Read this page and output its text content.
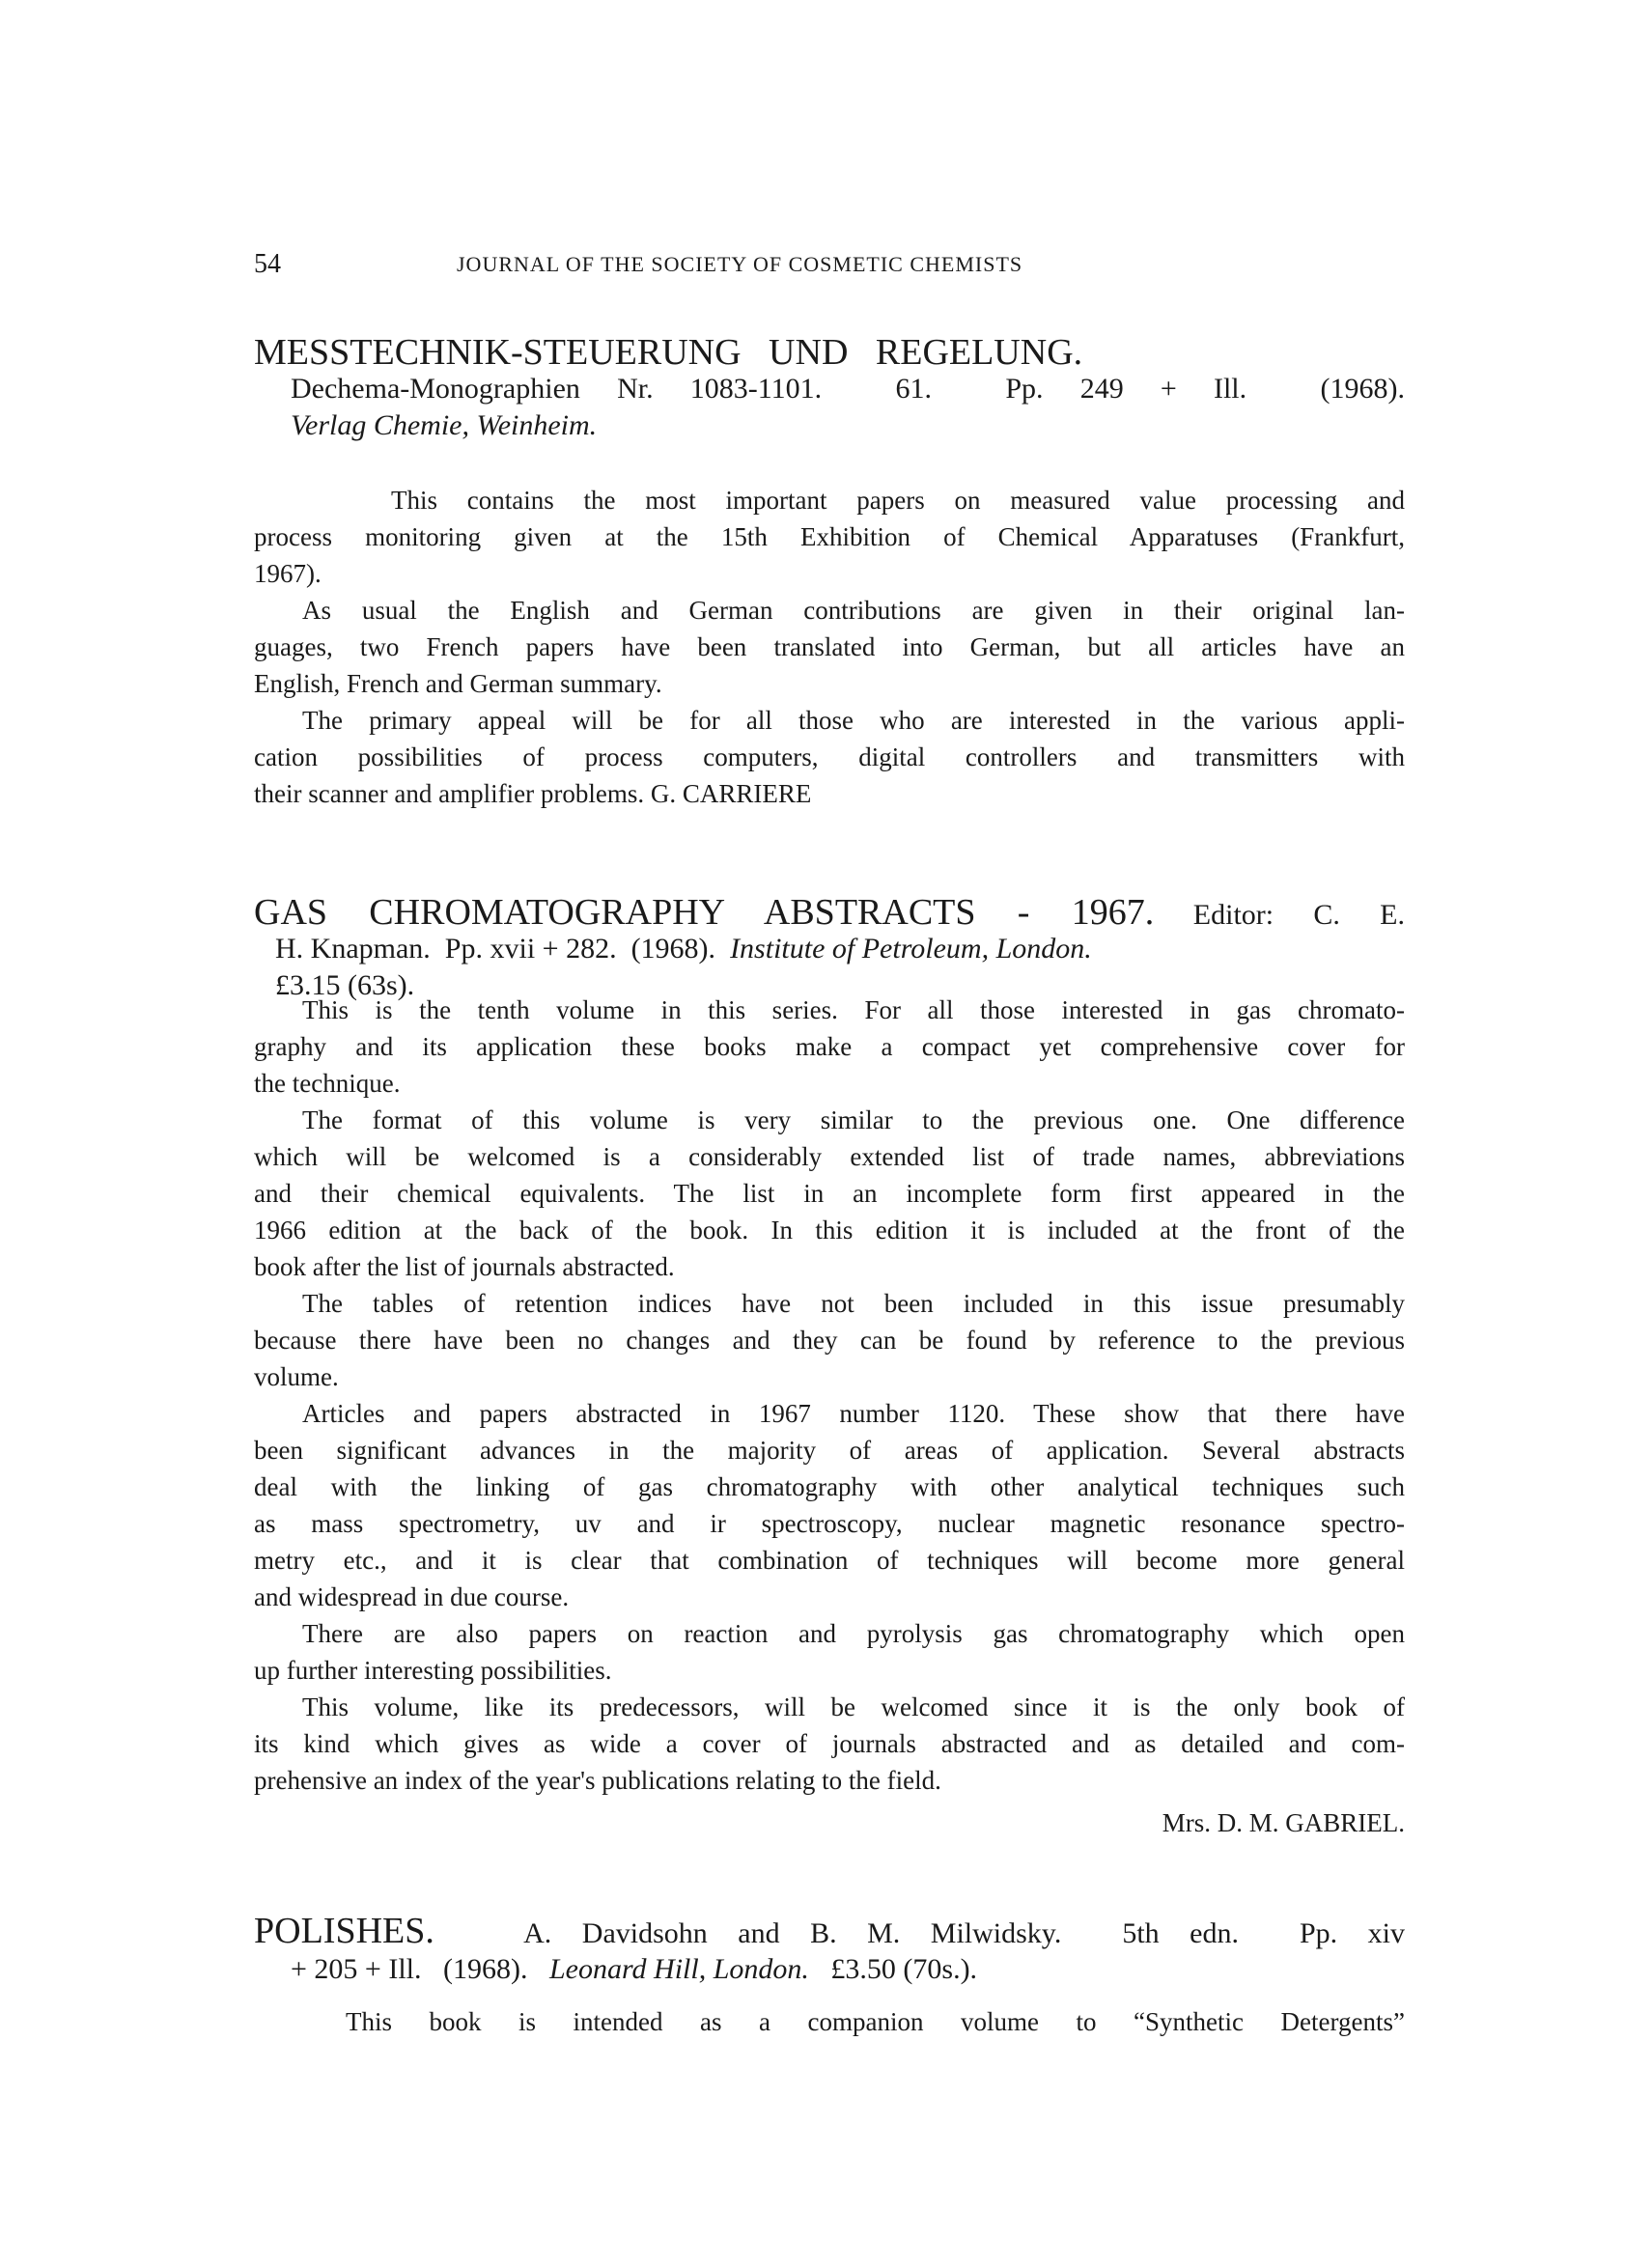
54	JOURNAL OF THE SOCIETY OF COSMETIC CHEMISTS
MESSTECHNIK-STEUERUNG   UND   REGELUNG.
Dechema-Monographien Nr. 1083-1101.  61.  Pp. 249 + Ill.  (1968).
Verlag Chemie, Weinheim.
This contains the most important papers on measured value processing and
process monitoring given at the 15th Exhibition of Chemical Apparatuses (Frankfurt,
1967).
As usual the English and German contributions are given in their original lan-
guages, two French papers have been translated into German, but all articles have an
English, French and German summary.
The primary appeal will be for all those who are interested in the various appli-
cation possibilities of process computers, digital controllers and transmitters with
their scanner and amplifier problems. G. CARRIERE
GAS CHROMATOGRAPHY ABSTRACTS - 1967. Editor: C. E.
H. Knapman.  Pp. xvii + 282.  (1968). Institute of Petroleum, London.
£3.15 (63s).
This is the tenth volume in this series. For all those interested in gas chromato-
graphy and its application these books make a compact yet comprehensive cover for
the technique.
The format of this volume is very similar to the previous one. One difference
which will be welcomed is a considerably extended list of trade names, abbreviations
and their chemical equivalents. The list in an incomplete form first appeared in the
1966 edition at the back of the book. In this edition it is included at the front of the
book after the list of journals abstracted.
The tables of retention indices have not been included in this issue presumably
because there have been no changes and they can be found by reference to the previous
volume.
Articles and papers abstracted in 1967 number 1120. These show that there have
been significant advances in the majority of areas of application. Several abstracts
deal with the linking of gas chromatography with other analytical techniques such
as mass spectrometry, uv and ir spectroscopy, nuclear magnetic resonance spectro-
metry etc., and it is clear that combination of techniques will become more general
and widespread in due course.
There are also papers on reaction and pyrolysis gas chromatography which open
up further interesting possibilities.
This volume, like its predecessors, will be welcomed since it is the only book of
its kind which gives as wide a cover of journals abstracted and as detailed and com-
prehensive an index of the year's publications relating to the field.
Mrs. D. M. GABRIEL.
POLISHES.	A. Davidsohn and B. M. Milwidsky.  5th edn.  Pp. xiv
+ 205 + Ill.   (1968). Leonard Hill, London. £3.50 (70s.).
This book is intended as a companion volume to “Synthetic Detergents”
